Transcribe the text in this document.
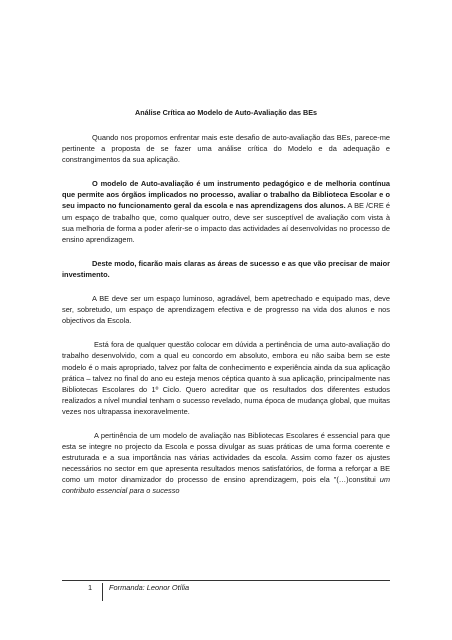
Análise Crítica ao Modelo de Auto-Avaliação das BEs

Quando nos propomos enfrentar mais este desafio de auto-avaliação das BEs, parece-me pertinente a proposta de se fazer uma análise crítica do Modelo e da adequação e constrangimentos da sua aplicação.

O modelo de Auto-avaliação é um instrumento pedagógico e de melhoria contínua que permite aos órgãos implicados no processo, avaliar o trabalho da Biblioteca Escolar e o seu impacto no funcionamento geral da escola e nas aprendizagens dos alunos. A BE /CRE é um espaço de trabalho que, como qualquer outro, deve ser susceptível de avaliação com vista à sua melhoria de forma a poder aferir-se o impacto das actividades aí desenvolvidas no processo de ensino aprendizagem.

Deste modo, ficarão mais claras as áreas de sucesso e as que vão precisar de maior investimento.

A BE deve ser um espaço luminoso, agradável, bem apetrechado e equipado mas, deve ser, sobretudo, um espaço de aprendizagem efectiva e de progresso na vida dos alunos e nos objectivos da Escola.

Está fora de qualquer questão colocar em dúvida a pertinência de uma auto-avaliação do trabalho desenvolvido, com a qual eu concordo em absoluto, embora eu não saiba bem se este modelo é o mais apropriado, talvez por falta de conhecimento e experiência ainda da sua aplicação prática – talvez no final do ano eu esteja menos céptica quanto à sua aplicação, principalmente nas Bibliotecas Escolares do 1º Ciclo. Quero acreditar que os resultados dos diferentes estudos realizados a nível mundial tenham o sucesso revelado, numa época de mudança global, que muitas vezes nos ultrapassa inexoravelmente.

A pertinência de um modelo de avaliação nas Bibliotecas Escolares é essencial para que esta se integre no projecto da Escola e possa divulgar as suas práticas de uma forma coerente e estruturada e a sua importância nas várias actividades da escola. Assim como fazer os ajustes necessários no sector em que apresenta resultados menos satisfatórios, de forma a reforçar a BE como um motor dinamizador do processo de ensino aprendizagem, pois ela "(…)constitui um contributo essencial para o sucesso

1	Formanda: Leonor Otília
